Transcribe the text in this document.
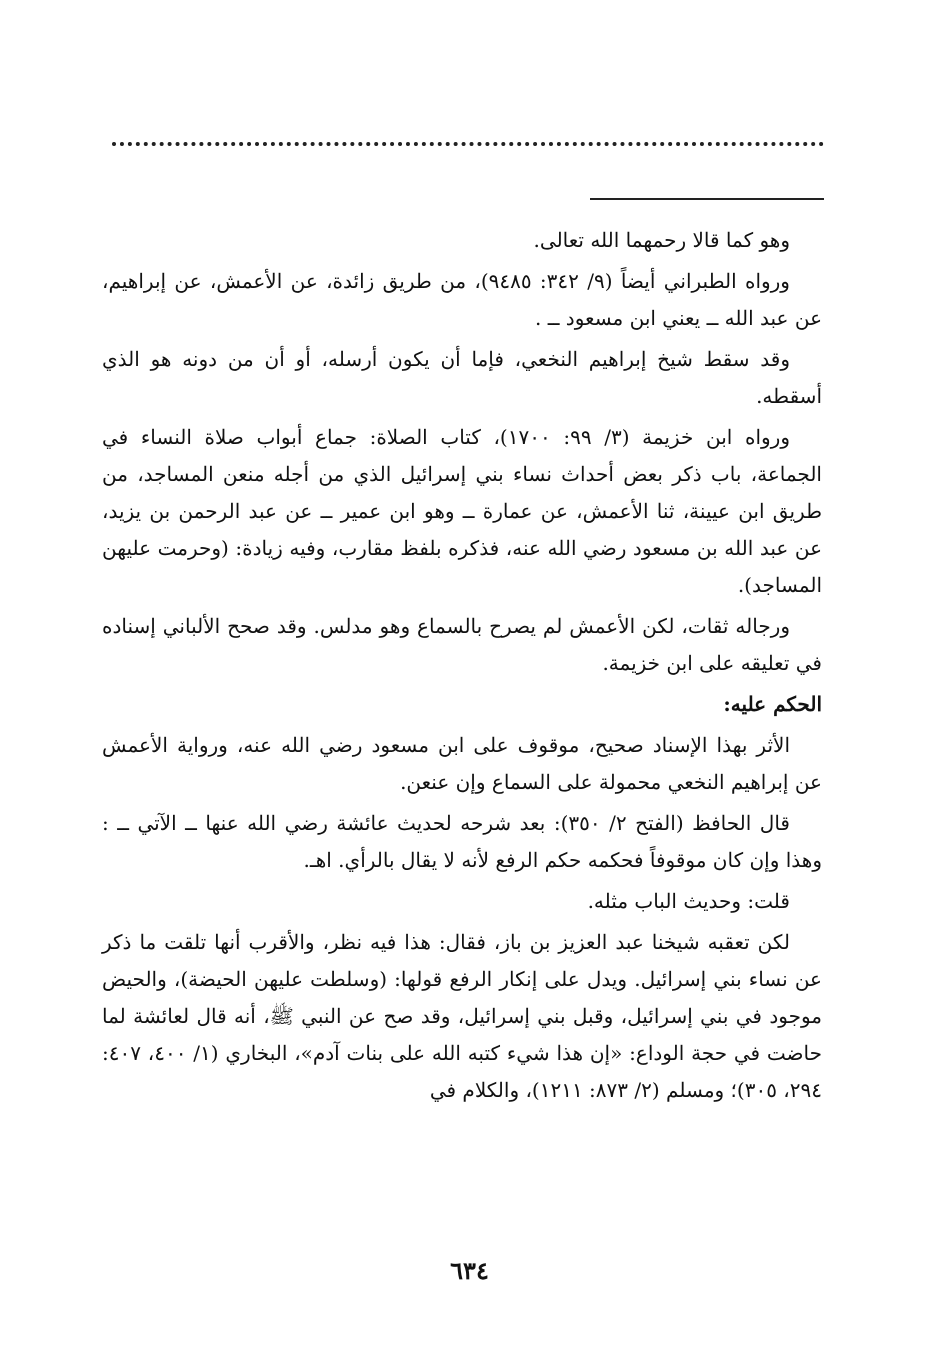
وهو كما قالا رحمهما الله تعالى.

ورواه الطبراني أيضاً (٩/ ٣٤٢: ٩٤٨٥)، من طريق زائدة، عن الأعمش، عن إبراهيم، عن عبد الله ــ يعني ابن مسعود ــ .

وقد سقط شيخ إبراهيم النخعي، فإما أن يكون أرسله، أو أن من دونه هو الذي أسقطه.

ورواه ابن خزيمة (٣/ ٩٩: ١٧٠٠)، كتاب الصلاة: جماع أبواب صلاة النساء في الجماعة، باب ذكر بعض أحداث نساء بني إسرائيل الذي من أجله منعن المساجد، من طريق ابن عيينة، ثنا الأعمش، عن عمارة ــ وهو ابن عمير ــ عن عبد الرحمن بن يزيد، عن عبد الله بن مسعود رضي الله عنه، فذكره بلفظ مقارب، وفيه زيادة: (وحرمت عليهن المساجد).

ورجاله ثقات، لكن الأعمش لم يصرح بالسماع وهو مدلس. وقد صحح الألباني إسناده في تعليقه على ابن خزيمة.

الحكم عليه:

الأثر بهذا الإسناد صحيح، موقوف على ابن مسعود رضي الله عنه، ورواية الأعمش عن إبراهيم النخعي محمولة على السماع وإن عنعن.

قال الحافظ (الفتح ٢/ ٣٥٠): بعد شرحه لحديث عائشة رضي الله عنها ــ الآتي ــ : وهذا وإن كان موقوفاً فحكمه حكم الرفع لأنه لا يقال بالرأي. اهـ.

قلت: وحديث الباب مثله.

لكن تعقبه شيخنا عبد العزيز بن باز، فقال: هذا فيه نظر، والأقرب أنها تلقت ما ذكر عن نساء بني إسرائيل. ويدل على إنكار الرفع قولها: (وسلطت عليهن الحيضة)، والحيض موجود في بني إسرائيل، وقبل بني إسرائيل، وقد صح عن النبي ﷺ، أنه قال لعائشة لما حاضت في حجة الوداع: «إن هذا شيء كتبه الله على بنات آدم»، البخاري (١/ ٤٠٠، ٤٠٧: ٢٩٤، ٣٠٥)؛ ومسلم (٢/ ٨٧٣: ١٢١١)، والكلام في

٦٣٤
